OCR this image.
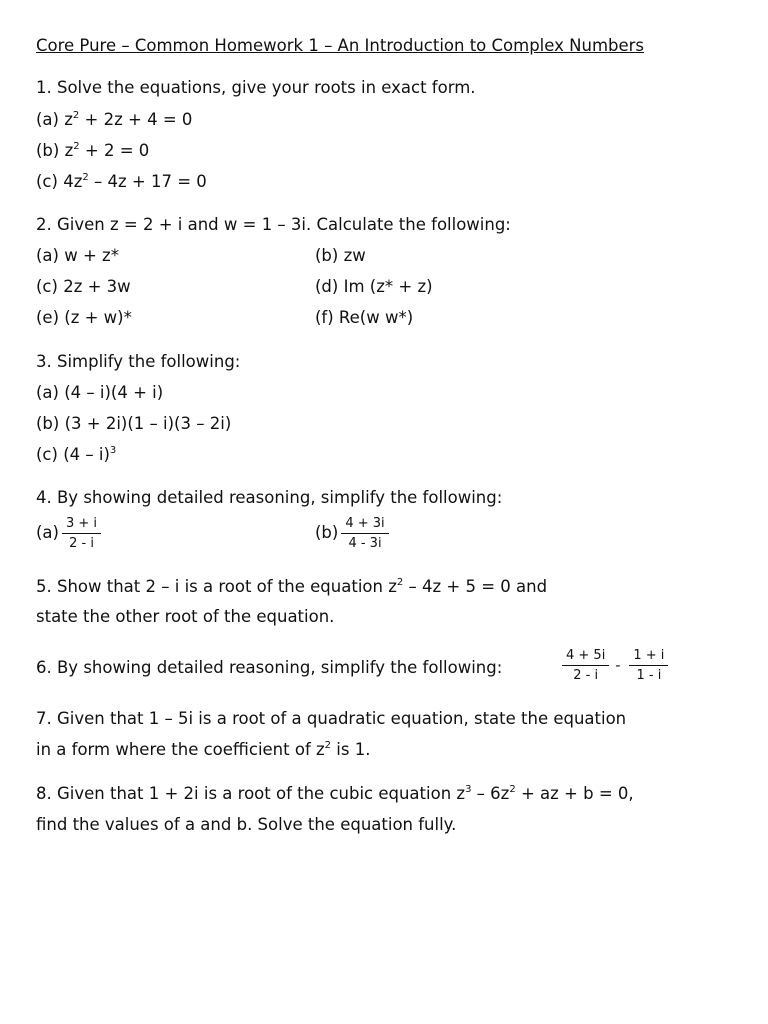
Core Pure – Common Homework 1 – An Introduction to Complex Numbers
1. Solve the equations, give your roots in exact form.
(a) $z^2 + 2z + 4 = 0$
(b) $z^2 + 2 = 0$
(c) $4z^2 - 4z + 17 = 0$
2. Given z = 2 + i and w = 1 – 3i. Calculate the following:
(a) w + z*	(b) zw
(c) 2z + 3w	(d) Im (z* + z)
(e) (z + w)*	(f) Re(w w*)
3. Simplify the following:
(a) (4 – i)(4 + i)
(b) (3 + 2i)(1 – i)(3 – 2i)
(c) (4 – i)$^3$
4. By showing detailed reasoning, simplify the following:
$(a) \frac{3 + i}{2 - i}$	$(b) \frac{4 + 3i}{4 - 3i}$
5. Show that 2 – i is a root of the equation $z^2 - 4z + 5 = 0$ and
state the other root of the equation.
6. By showing detailed reasoning, simplify the following:	$\frac{4 + 5i}{2 - i} - \frac{1 + i}{1 - i}$
7. Given that 1 – 5i is a root of a quadratic equation, state the equation
in a form where the coefficient of $z^2$ is 1.
8. Given that 1 + 2i is a root of the cubic equation $z^3 - 6z^2$ + az + b = 0,
find the values of a and b. Solve the equation fully.
